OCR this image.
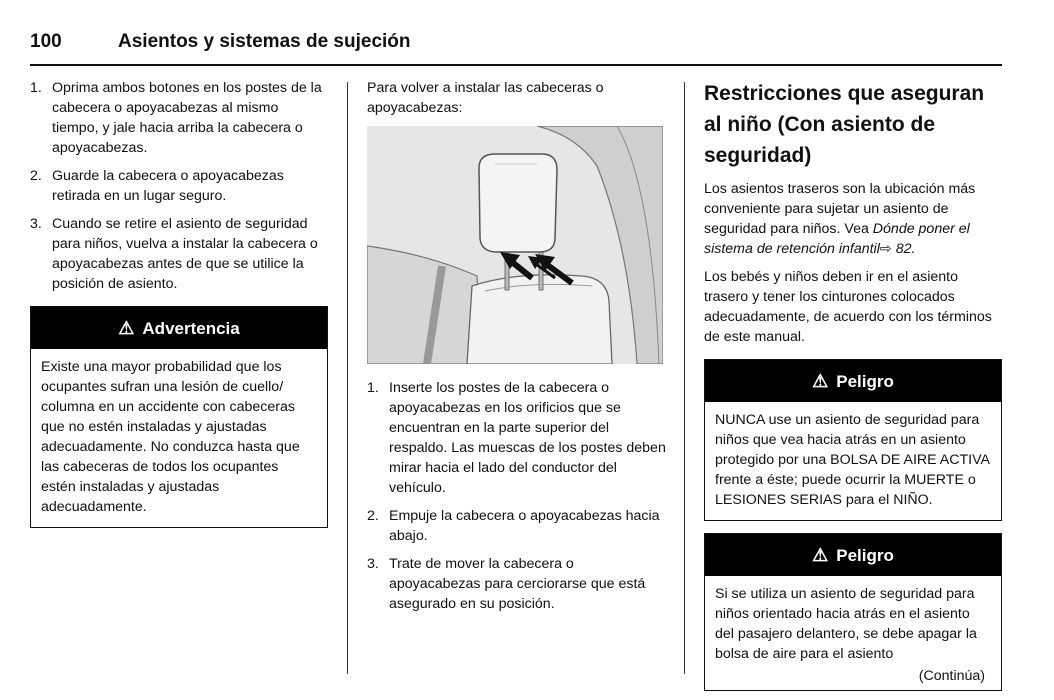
100	Asientos y sistemas de sujeción
1. Oprima ambos botones en los postes de la cabecera o apoyacabezas al mismo tiempo, y jale hacia arriba la cabecera o apoyacabezas.
2. Guarde la cabecera o apoyacabezas retirada en un lugar seguro.
3. Cuando se retire el asiento de seguridad para niños, vuelva a instalar la cabecera o apoyacabezas antes de que se utilice la posición de asiento.
⚠ Advertencia
Existe una mayor probabilidad que los ocupantes sufran una lesión de cuello/ columna en un accidente con cabeceras que no estén instaladas y ajustadas adecuadamente. No conduzca hasta que las cabeceras de todos los ocupantes estén instaladas y ajustadas adecuadamente.

Para volver a instalar las cabeceras o apoyacabezas:

1. Inserte los postes de la cabecera o apoyacabezas en los orificios que se encuentran en la parte superior del respaldo. Las muescas de los postes deben mirar hacia el lado del conductor del vehículo.
2. Empuje la cabecera o apoyacabezas hacia abajo.
3. Trate de mover la cabecera o apoyacabezas para cerciorarse que está asegurado en su posición.
Restricciones que aseguran al niño (Con asiento de seguridad)

Los asientos traseros son la ubicación más conveniente para sujetar un asiento de seguridad para niños. Vea Dónde poner el sistema de retención infantil⇨ 82.

Los bebés y niños deben ir en el asiento trasero y tener los cinturones colocados adecuadamente, de acuerdo con los términos de este manual.

⚠ Peligro
NUNCA use un asiento de seguridad para niños que vea hacia atrás en un asiento protegido por una BOLSA DE AIRE ACTIVA frente a éste; puede ocurrir la MUERTE o LESIONES SERIAS para el NIÑO.
⚠ Peligro
Si se utiliza un asiento de seguridad para niños orientado hacia atrás en el asiento del pasajero delantero, se debe apagar la bolsa de aire para el asiento
(Continúa)
